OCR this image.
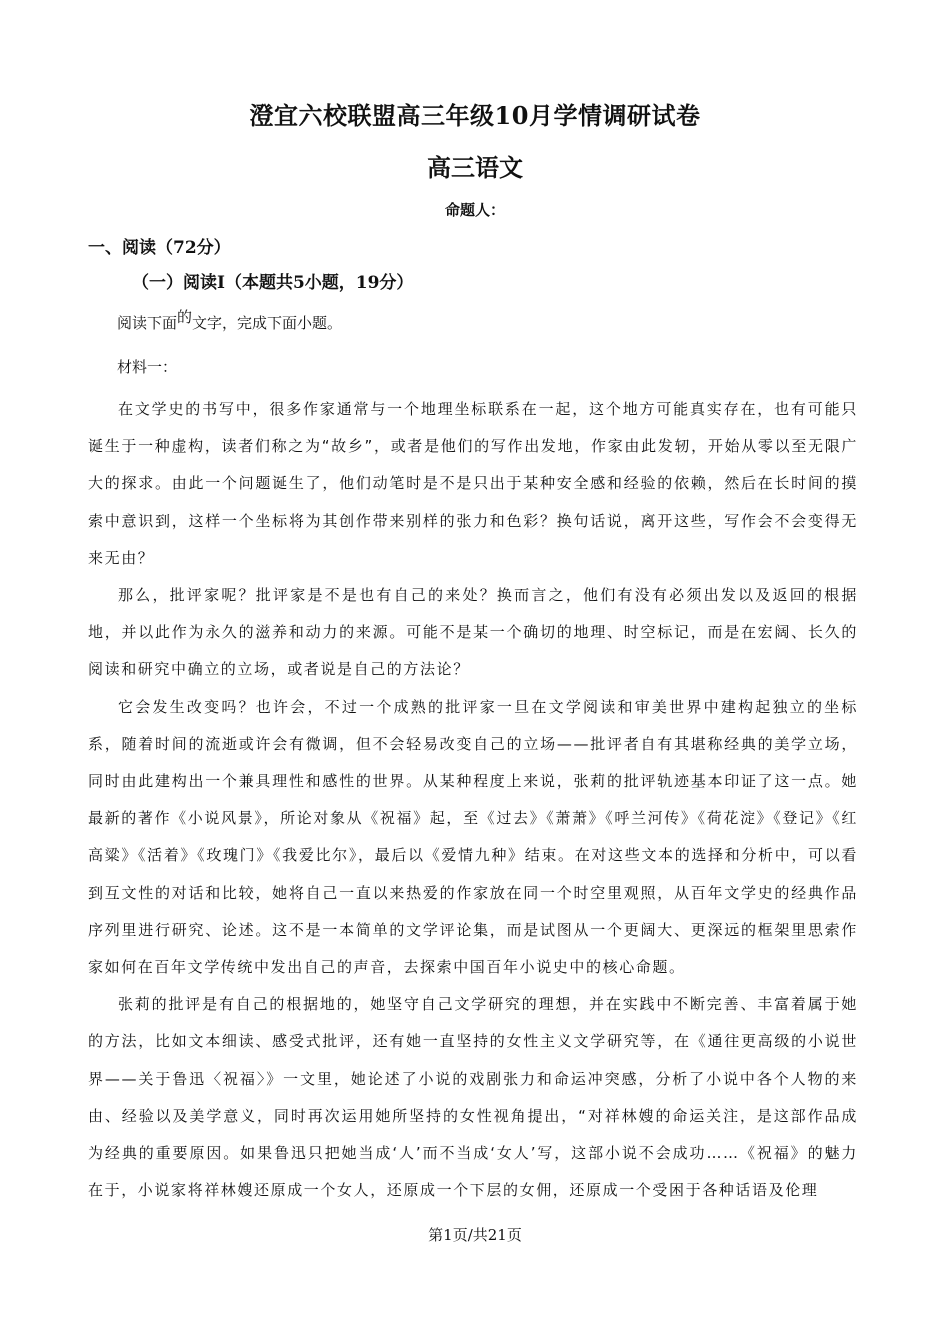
澄宜六校联盟高三年级10月学情调研试卷
高三语文
命题人：
一、阅读（72分）
（一）阅读Ⅰ（本题共5小题，19分）
阅读下面的文字，完成下面小题。
材料一：

在文学史的书写中，很多作家通常与一个地理坐标联系在一起，这个地方可能真实存在，也有可能只诞生于一种虚构，读者们称之为“故乡”，或者是他们的写作出发地，作家由此发轫，开始从零以至无限广大的探求。由此一个问题诞生了，他们动笔时是不是只出于某种安全感和经验的依赖，然后在长时间的摸索中意识到，这样一个坐标将为其创作带来别样的张力和色彩？换句话说，离开这些，写作会不会变得无来无由？

那么，批评家呢？批评家是不是也有自己的来处？换而言之，他们有没有必须出发以及返回的根据地，并以此作为永久的滋养和动力的来源。可能不是某一个确切的地理、时空标记，而是在宏阔、长久的阅读和研究中确立的立场，或者说是自己的方法论？

它会发生改变吗？也许会，不过一个成熟的批评家一旦在文学阅读和审美世界中建构起独立的坐标系，随着时间的流逝或许会有微调，但不会轻易改变自己的立场——批评者自有其堪称经典的美学立场，同时由此建构出一个兼具理性和感性的世界。从某种程度上来说，张莉的批评轨迹基本印证了这一点。她最新的著作《小说风景》，所论对象从《祝福》起，至《过去》《萧萧》《呼兰河传》《荷花淀》《登记》《红高粱》《活着》《玫瑰门》《我爱比尔》，最后以《爱情九种》结束。在对这些文本的选择和分析中，可以看到互文性的对话和比较，她将自己一直以来热爱的作家放在同一个时空里观照，从百年文学史的经典作品序列里进行研究、论述。这不是一本简单的文学评论集，而是试图从一个更阔大、更深远的框架里思索作家如何在百年文学传统中发出自己的声音，去探索中国百年小说史中的核心命题。

张莉的批评是有自己的根据地的，她坚守自己文学研究的理想，并在实践中不断完善、丰富着属于她的方法，比如文本细读、感受式批评，还有她一直坚持的女性主义文学研究等，在《通往更高级的小说世界——关于鲁迅〈祝福〉》一文里，她论述了小说的戏剧张力和命运冲突感，分析了小说中各个人物的来由、经验以及美学意义，同时再次运用她所坚持的女性视角提出，“对祥林嫂的命运关注，是这部作品成为经典的重要原因。如果鲁迅只把她当成‘人’而不当成‘女人’写，这部小说不会成功……《祝福》的魅力在于，小说家将祥林嫂还原成一个女人，还原成一个下层的女佣，还原成一个受困于各种话语及伦理

第1页/共21页
